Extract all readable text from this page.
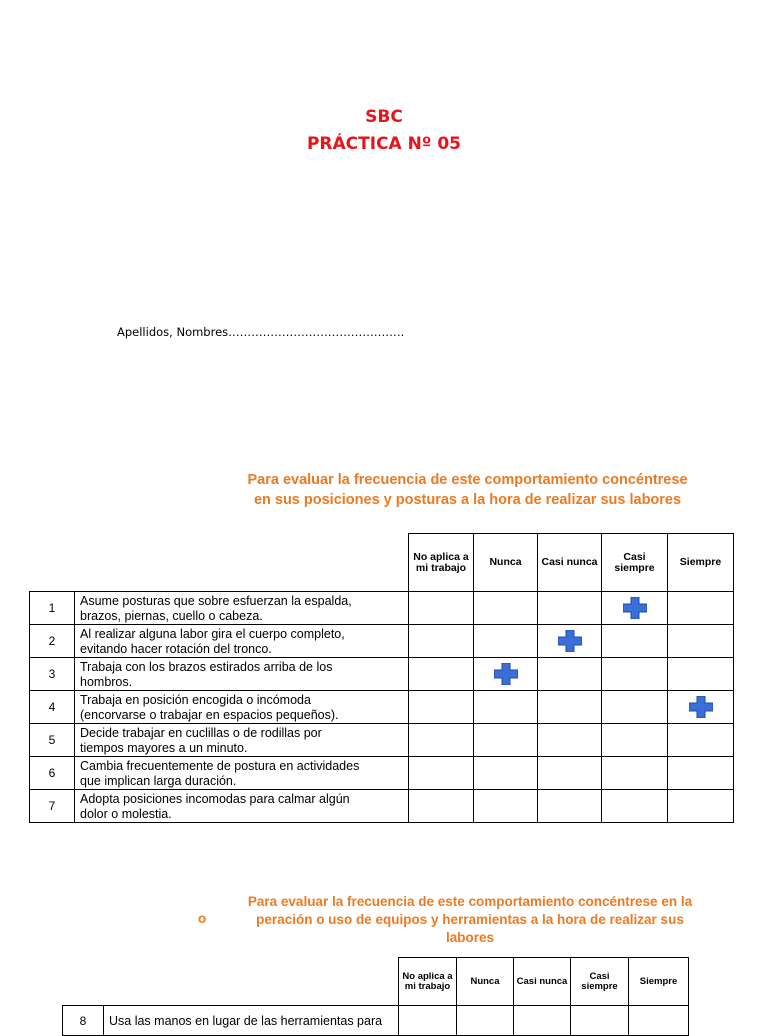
SBC
PRÁCTICA Nº 05
Apellidos, Nombres……………………………………….
Para evaluar la frecuencia de este comportamiento concéntrese
en sus posiciones y posturas a la hora de realizar sus labores
		No aplica a mi trabajo	Nunca	Casi nunca	Casi siempre	Siempre
1	Asume posturas que sobre esfuerzan la espalda,
brazos, piernas, cuello o cabeza.

2	Al realizar alguna labor gira el cuerpo completo,
evitando hacer rotación del tronco.

3	Trabaja con los brazos estirados arriba de los
hombros.

4	Trabaja en posición encogida o incómoda
(encorvarse o trabajar en espacios pequeños).

5	Decide trabajar en cuclillas o de rodillas por
tiempos mayores a un minuto.					

6	Cambia frecuentemente de postura en actividades
que implican larga duración.					

7	Adopta posiciones incomodas para calmar algún
dolor o molestia.					

o
Para evaluar la frecuencia de este comportamiento concéntrese en la
peración o uso de equipos y herramientas a la hora de realizar sus
labores
		No aplica a mi trabajo	Nunca	Casi nunca	Casi siempre	Siempre
8	Usa las manos en lugar de las herramientas para					
